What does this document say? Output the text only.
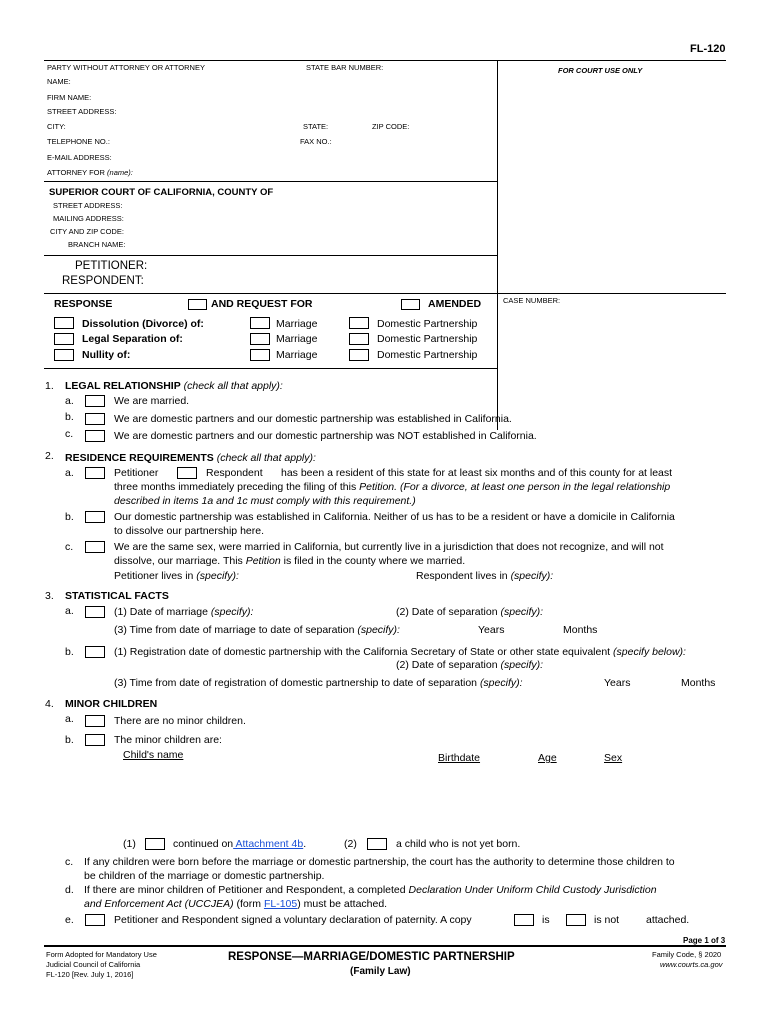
FL-120
PARTY WITHOUT ATTORNEY OR ATTORNEY	STATE BAR NUMBER:	FOR COURT USE ONLY
NAME:
FIRM NAME:
STREET ADDRESS:
CITY:	STATE:	ZIP CODE:
TELEPHONE NO.:	FAX NO.:
E-MAIL ADDRESS:
ATTORNEY FOR (name):
SUPERIOR COURT OF CALIFORNIA, COUNTY OF
STREET ADDRESS:
MAILING ADDRESS:
CITY AND ZIP CODE:
BRANCH NAME:
PETITIONER:
RESPONDENT:
CASE NUMBER:
RESPONSE	AND REQUEST FOR	AMENDED
Dissolution (Divorce) of:	Marriage	Domestic Partnership
Legal Separation of:	Marriage	Domestic Partnership
Nullity of:	Marriage	Domestic Partnership
1. LEGAL RELATIONSHIP (check all that apply):
a.	We are married.
b.	We are domestic partners and our domestic partnership was established in California.
c.	We are domestic partners and our domestic partnership was NOT established in California.
2. RESIDENCE REQUIREMENTS (check all that apply):
a.	Petitioner	Respondent has been a resident of this state for at least six months and of this county for at least
three months immediately preceding the filing of this Petition. (For a divorce, at least one person in the legal relationship
described in items 1a and 1c must comply with this requirement.)
b.	Our domestic partnership was established in California. Neither of us has to be a resident or have a domicile in California
to dissolve our partnership here.
c.	We are the same sex, were married in California, but currently live in a jurisdiction that does not recognize, and will not
dissolve, our marriage. This Petition is filed in the county where we married.
Petitioner lives in (specify):	Respondent lives in (specify):
3. STATISTICAL FACTS
a.	(1) Date of marriage (specify):	(2) Date of separation (specify):
(3) Time from date of marriage to date of separation (specify):	Years	Months
b.	(1) Registration date of domestic partnership with the California Secretary of State or other state equivalent (specify below):
(2) Date of separation (specify):
(3) Time from date of registration of domestic partnership to date of separation (specify):	Years	Months
4. MINOR CHILDREN
a.	There are no minor children.
b.	The minor children are:
Child's name	Birthdate	Age	Sex
(1)	continued on Attachment 4b.	(2)	a child who is not yet born.
c. If any children were born before the marriage or domestic partnership, the court has the authority to determine those children to
be children of the marriage or domestic partnership.
d. If there are minor children of Petitioner and Respondent, a completed Declaration Under Uniform Child Custody Jurisdiction
and Enforcement Act (UCCJEA) (form FL-105) must be attached.
e.	Petitioner and Respondent signed a voluntary declaration of paternity. A copy	is	is not	attached.
Page 1 of 3
Form Adopted for Mandatory Use
Judicial Council of California
FL-120 [Rev. July 1, 2016]
RESPONSE—MARRIAGE/DOMESTIC PARTNERSHIP
(Family Law)
Family Code, § 2020
www.courts.ca.gov
